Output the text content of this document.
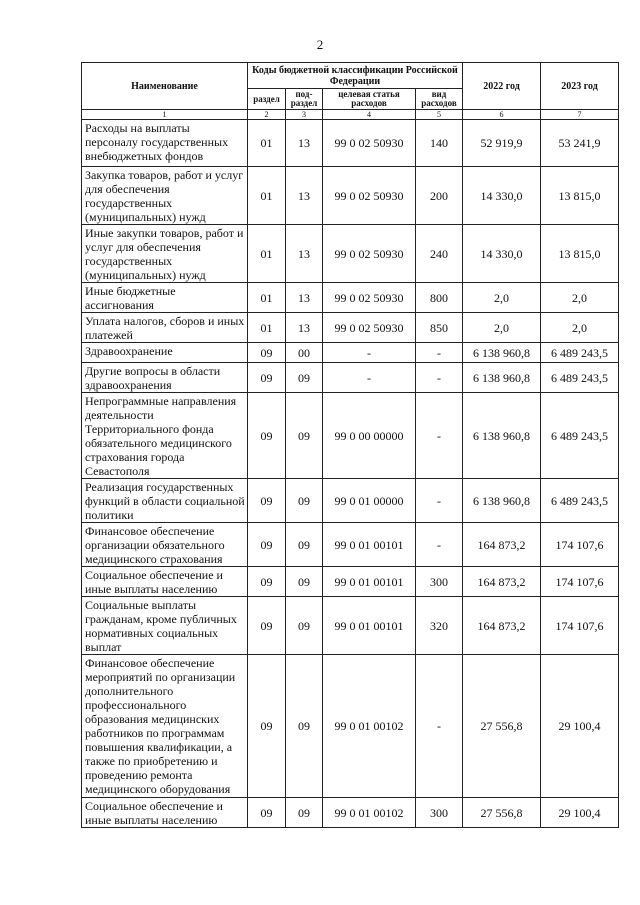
2
Наименование	Коды бюджетной классификации Российской Федерации				2022 год	2023 год
	раздел	под-раздел	целевая статья расходов	вид расходов		
1	2	3	4	5	6	7
Расходы на выплаты персоналу государственных внебюджетных фондов	01	13	99 0 02 50930	140	52 919,9	53 241,9
Закупка товаров, работ и услуг для обеспечения государственных (муниципальных) нужд	01	13	99 0 02 50930	200	14 330,0	13 815,0
Иные закупки товаров, работ и услуг для обеспечения государственных (муниципальных) нужд	01	13	99 0 02 50930	240	14 330,0	13 815,0
Иные бюджетные ассигнования	01	13	99 0 02 50930	800	2,0	2,0
Уплата налогов, сборов и иных платежей	01	13	99 0 02 50930	850	2,0	2,0
Здравоохранение	09	00	-	-	6 138 960,8	6 489 243,5
Другие вопросы в области здравоохранения	09	09	-	-	6 138 960,8	6 489 243,5
Непрограммные направления деятельности Территориального фонда обязательного медицинского страхования города Севастополя	09	09	99 0 00 00000	-	6 138 960,8	6 489 243,5
Реализация государственных функций в области социальной политики	09	09	99 0 01 00000	-	6 138 960,8	6 489 243,5
Финансовое обеспечение организации обязательного медицинского страхования	09	09	99 0 01 00101	-	164 873,2	174 107,6
Социальное обеспечение и иные выплаты населению	09	09	99 0 01 00101	300	164 873,2	174 107,6
Социальные выплаты гражданам, кроме публичных нормативных социальных выплат	09	09	99 0 01 00101	320	164 873,2	174 107,6
Финансовое обеспечение мероприятий по организации дополнительного профессионального образования медицинских работников по программам повышения квалификации, а также по приобретению и проведению ремонта медицинского оборудования	09	09	99 0 01 00102	-	27 556,8	29 100,4
Социальное обеспечение и иные выплаты населению	09	09	99 0 01 00102	300	27 556,8	29 100,4
